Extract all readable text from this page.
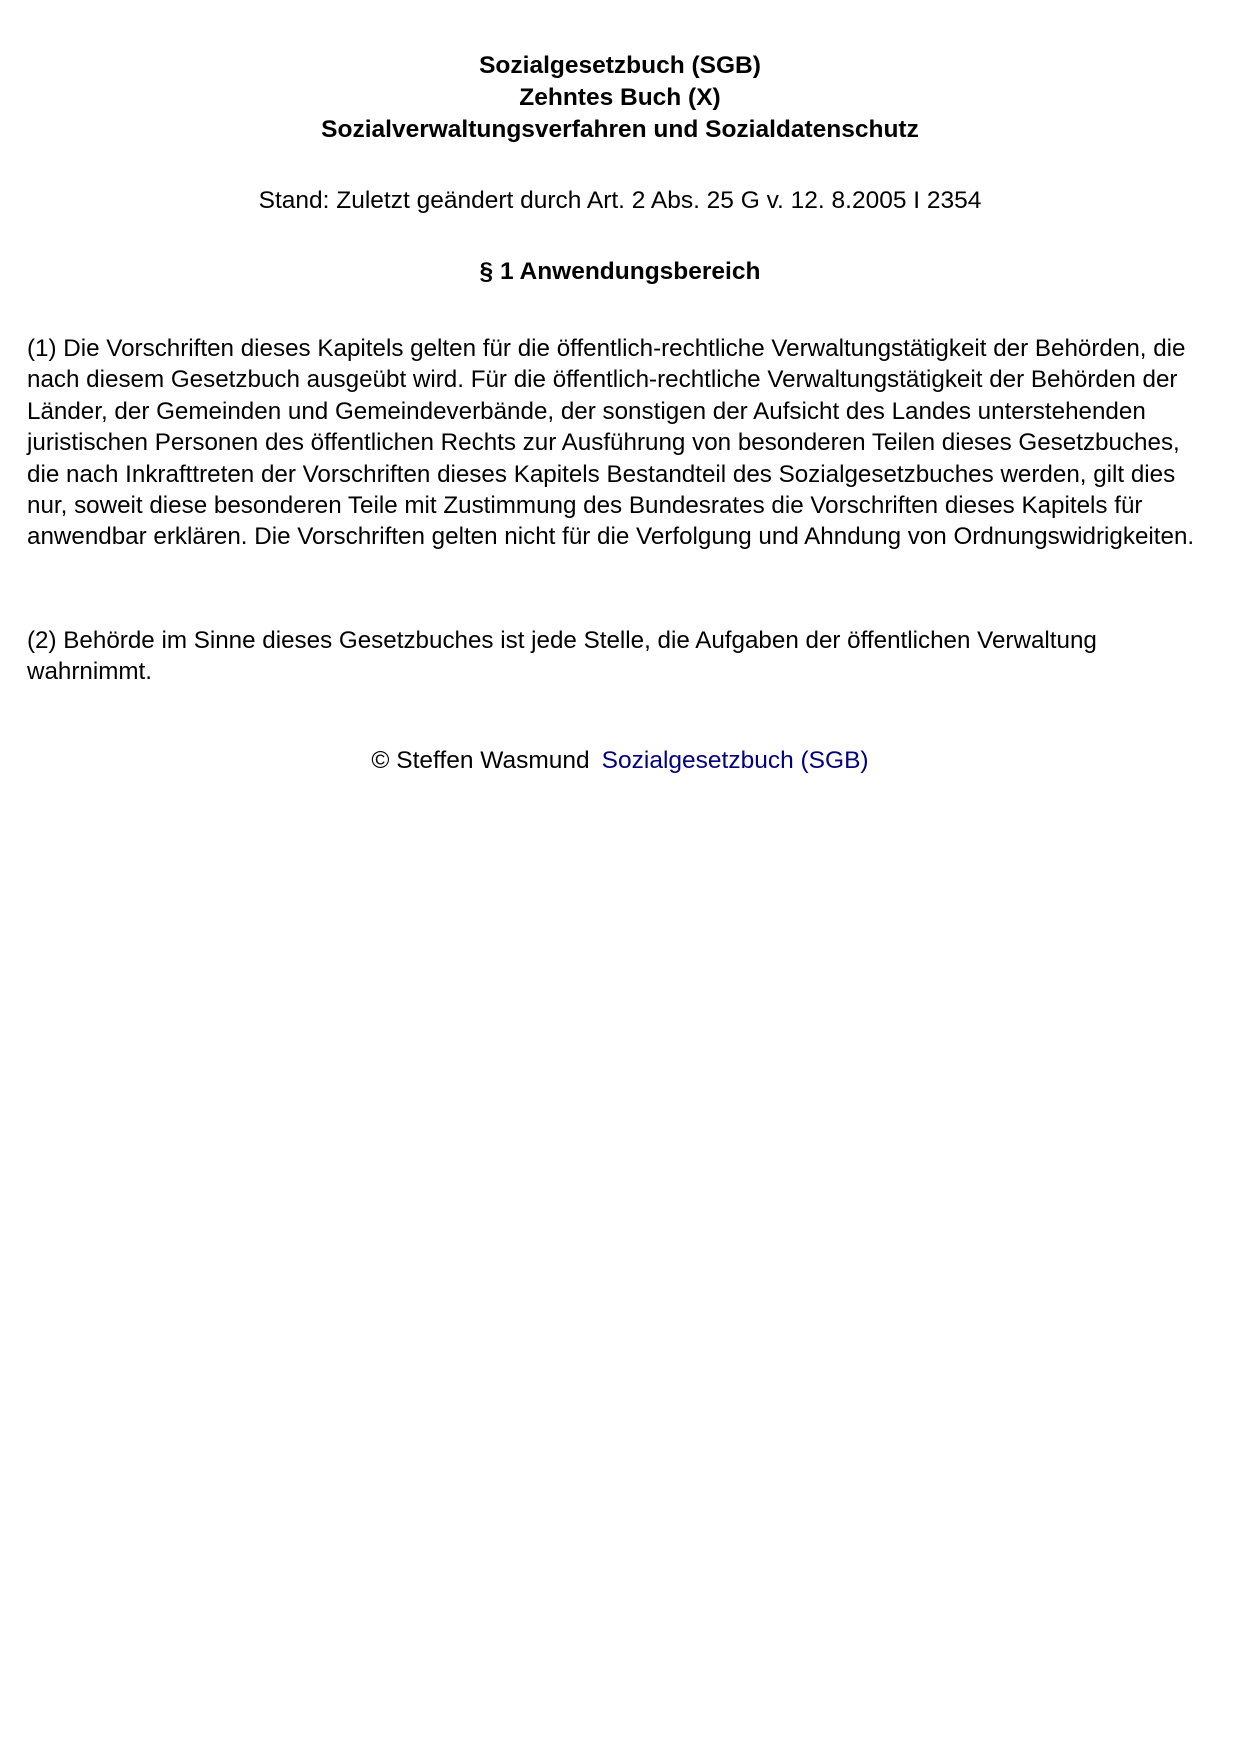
Sozialgesetzbuch (SGB)
Zehntes Buch (X)
Sozialverwaltungsverfahren und Sozialdatenschutz
Stand: Zuletzt geändert durch Art. 2 Abs. 25 G v. 12. 8.2005 I 2354
§ 1 Anwendungsbereich

(1) Die Vorschriften dieses Kapitels gelten für die öffentlich-rechtliche Verwaltungstätigkeit der Behörden, die nach diesem Gesetzbuch ausgeübt wird. Für die öffentlich-rechtliche Verwaltungstätigkeit der Behörden der Länder, der Gemeinden und Gemeindeverbände, der sonstigen der Aufsicht des Landes unterstehenden juristischen Personen des öffentlichen Rechts zur Ausführung von besonderen Teilen dieses Gesetzbuches, die nach Inkrafttreten der Vorschriften dieses Kapitels Bestandteil des Sozialgesetzbuches werden, gilt dies nur, soweit diese besonderen Teile mit Zustimmung des Bundesrates die Vorschriften dieses Kapitels für anwendbar erklären. Die Vorschriften gelten nicht für die Verfolgung und Ahndung von Ordnungswidrigkeiten.

(2) Behörde im Sinne dieses Gesetzbuches ist jede Stelle, die Aufgaben der öffentlichen Verwaltung wahrnimmt.

© Steffen Wasmund Sozialgesetzbuch (SGB)
